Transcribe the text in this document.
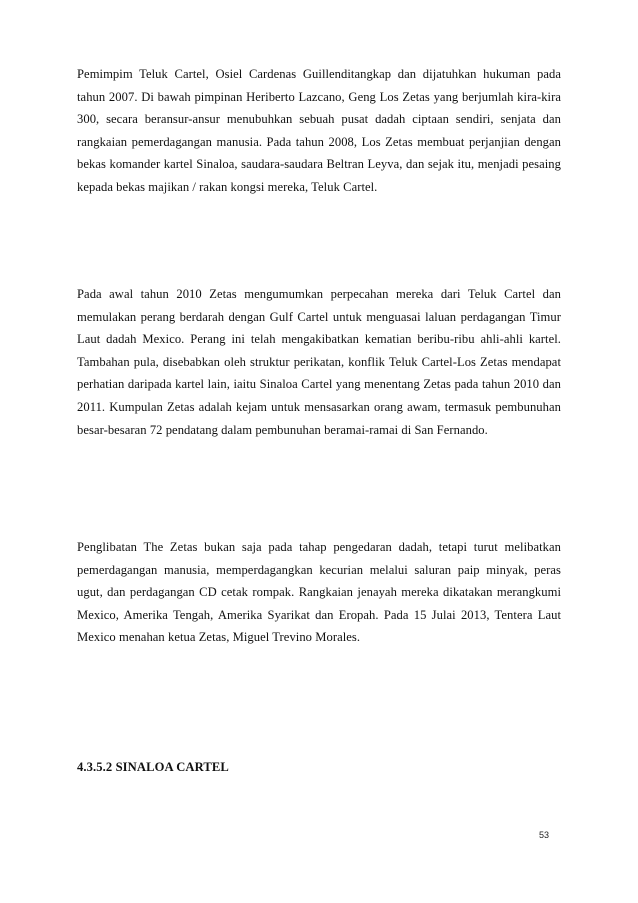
Pemimpim Teluk Cartel, Osiel Cardenas Guillenditangkap dan dijatuhkan hukuman pada tahun 2007. Di bawah pimpinan Heriberto Lazcano, Geng Los Zetas yang berjumlah kira-kira 300, secara beransur-ansur menubuhkan sebuah pusat dadah ciptaan sendiri, senjata dan rangkaian pemerdagangan manusia. Pada tahun 2008, Los Zetas membuat perjanjian dengan bekas komander kartel Sinaloa, saudara-saudara Beltran Leyva, dan sejak itu, menjadi pesaing kepada bekas majikan / rakan kongsi mereka, Teluk Cartel.

Pada awal tahun 2010 Zetas mengumumkan perpecahan mereka dari Teluk Cartel dan memulakan perang berdarah dengan Gulf Cartel untuk menguasai laluan perdagangan Timur Laut dadah Mexico. Perang ini telah mengakibatkan kematian beribu-ribu ahli-ahli kartel. Tambahan pula, disebabkan oleh struktur perikatan, konflik Teluk Cartel-Los Zetas mendapat perhatian daripada kartel lain, iaitu Sinaloa Cartel yang menentang Zetas pada tahun 2010 dan 2011. Kumpulan Zetas adalah kejam untuk mensasarkan orang awam, termasuk pembunuhan besar-besaran 72 pendatang dalam pembunuhan beramai-ramai di San Fernando.

Penglibatan The Zetas bukan saja pada tahap pengedaran dadah, tetapi turut melibatkan pemerdagangan manusia, memperdagangkan kecurian melalui saluran paip minyak, peras ugut, dan perdagangan CD cetak rompak. Rangkaian jenayah mereka dikatakan merangkumi Mexico, Amerika Tengah, Amerika Syarikat dan Eropah. Pada 15 Julai 2013, Tentera Laut Mexico menahan ketua Zetas, Miguel Trevino Morales.

4.3.5.2 SINALOA CARTEL
53
